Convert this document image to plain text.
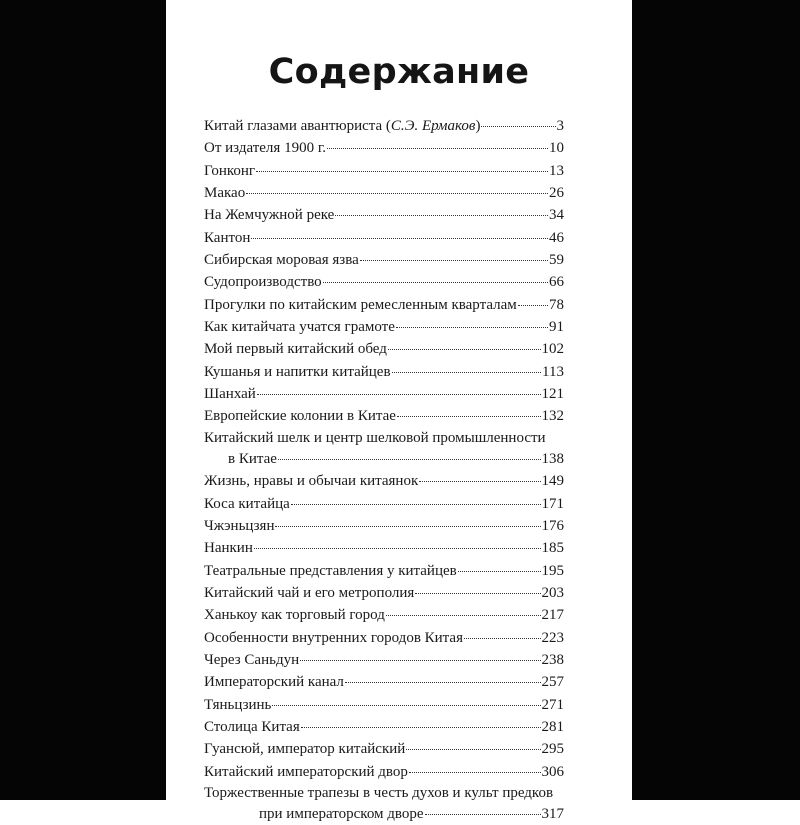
Содержание
Китай глазами авантюриста (С.Э. Ермаков)	3
От издателя 1900 г.	10
Гонконг	13
Макао	26
На Жемчужной реке	34
Кантон	46
Сибирская моровая язва	59
Судопроизводство	66
Прогулки по китайским ремесленным кварталам 78
Как китайчата учатся грамоте	91
Мой первый китайский обед	102
Кушанья и напитки китайцев	113
Шанхай	121
Европейские колонии в Китае	132
Китайский шелк и центр шелковой промышленности
в Китае	138
Жизнь, нравы и обычаи китаянок	149
Коса китайца	171
Чжэньцзян	176
Нанкин	185
Театральные представления у китайцев	195
Китайский чай и его метрополия	203
Ханькоу как торговый город	217
Особенности внутренних городов Китая	223
Через Саньдун	238
Императорский канал	257
Тяньцзинь	271
Столица Китая	281
Гуансюй, император китайский	295
Китайский императорский двор	306
Торжественные трапезы в честь духов и культ предков
при императорском дворе	317
